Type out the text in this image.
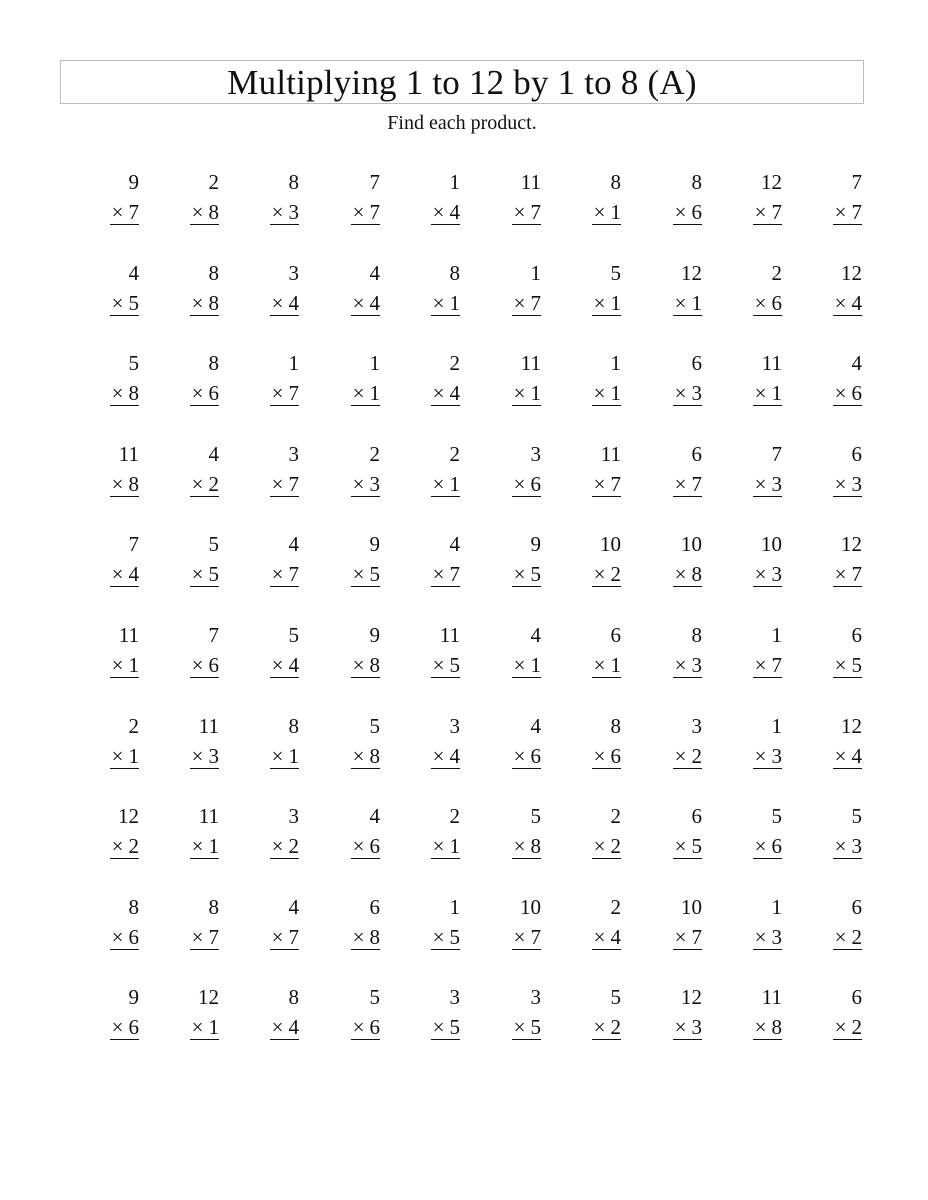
Multiplying 1 to 12 by 1 to 8 (A)
Find each product.
9
× 7
2
× 8
8
× 3
7
× 7
1
× 4
11
× 7
8
× 1
8
× 6
12
× 7
7
× 7
4
× 5
8
× 8
3
× 4
4
× 4
8
× 1
1
× 7
5
× 1
12
× 1
2
× 6
12
× 4
5
× 8
8
× 6
1
× 7
1
× 1
2
× 4
11
× 1
1
× 1
6
× 3
11
× 1
4
× 6
11
× 8
4
× 2
3
× 7
2
× 3
2
× 1
3
× 6
11
× 7
6
× 7
7
× 3
6
× 3
7
× 4
5
× 5
4
× 7
9
× 5
4
× 7
9
× 5
10
× 2
10
× 8
10
× 3
12
× 7
11
× 1
7
× 6
5
× 4
9
× 8
11
× 5
4
× 1
6
× 1
8
× 3
1
× 7
6
× 5
2
× 1
11
× 3
8
× 1
5
× 8
3
× 4
4
× 6
8
× 6
3
× 2
1
× 3
12
× 4
12
× 2
11
× 1
3
× 2
4
× 6
2
× 1
5
× 8
2
× 2
6
× 5
5
× 6
5
× 3
8
× 6
8
× 7
4
× 7
6
× 8
1
× 5
10
× 7
2
× 4
10
× 7
1
× 3
6
× 2
9
× 6
12
× 1
8
× 4
5
× 6
3
× 5
3
× 5
5
× 2
12
× 3
11
× 8
6
× 2
